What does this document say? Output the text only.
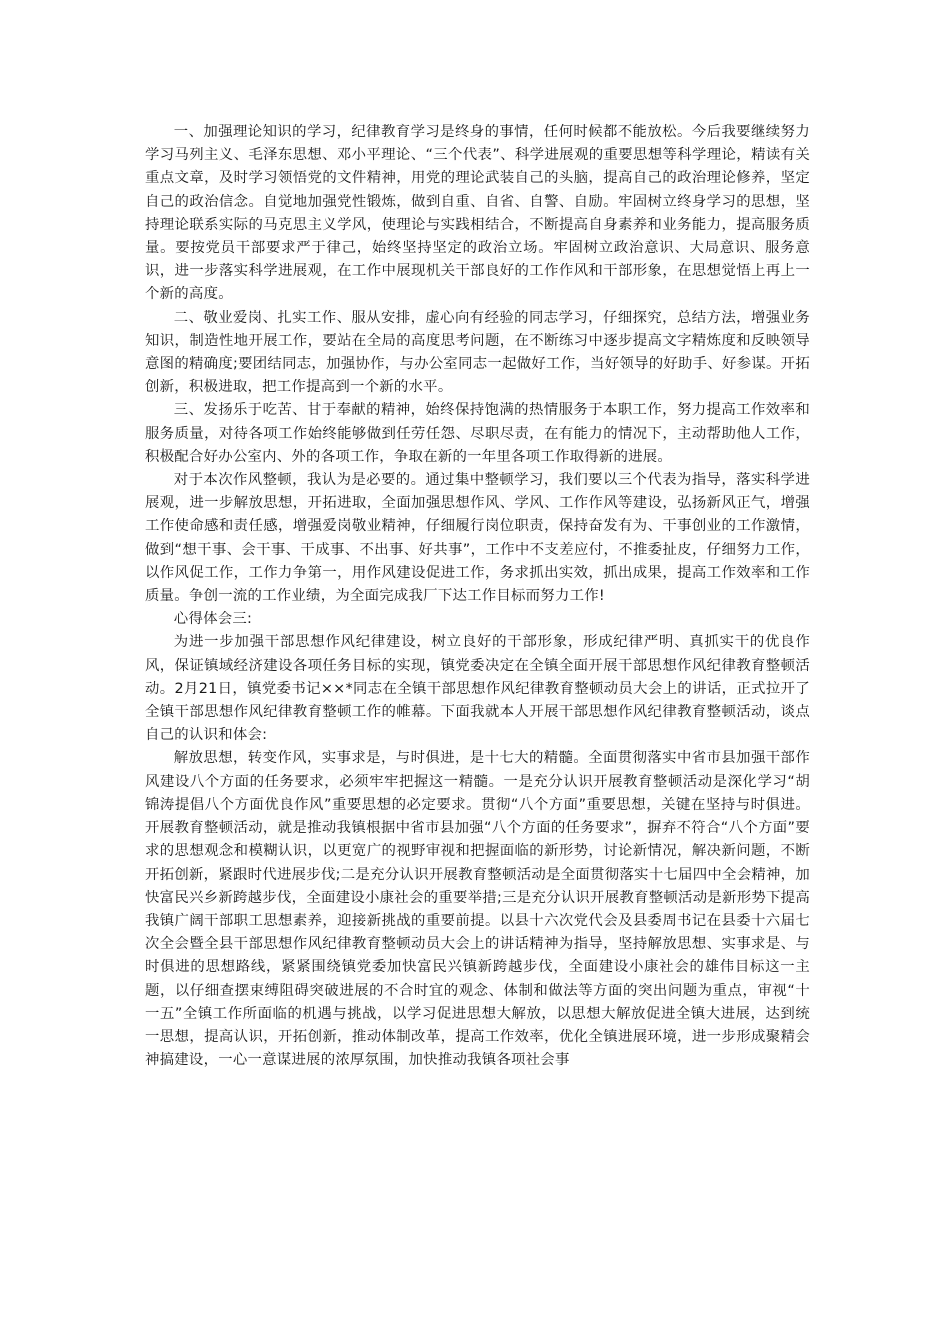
一、加强理论知识的学习，纪律教育学习是终身的事情，任何时候都不能放松。今后我要继续努力学习马列主义、毛泽东思想、邓小平理论、“三个代表”、科学进展观的重要思想等科学理论，精读有关重点文章，及时学习领悟党的文件精神，用党的理论武装自己的头脑，提高自己的政治理论修养，坚定自己的政治信念。自觉地加强党性锻炼，做到自重、自省、自警、自励。牢固树立终身学习的思想，坚持理论联系实际的马克思主义学风，使理论与实践相结合，不断提高自身素养和业务能力，提高服务质量。要按党员干部要求严于律己，始终坚持坚定的政治立场。牢固树立政治意识、大局意识、服务意识，进一步落实科学进展观，在工作中展现机关干部良好的工作作风和干部形象，在思想觉悟上再上一个新的高度。

二、敬业爱岗、扎实工作、服从安排，虚心向有经验的同志学习，仔细探究，总结方法，增强业务知识，制造性地开展工作，要站在全局的高度思考问题，在不断练习中逐步提高文字精炼度和反映领导意图的精确度;要团结同志，加强协作，与办公室同志一起做好工作，当好领导的好助手、好参谋。开拓创新，积极进取，把工作提高到一个新的水平。

三、发扬乐于吃苦、甘于奉献的精神，始终保持饱满的热情服务于本职工作，努力提高工作效率和服务质量，对待各项工作始终能够做到任劳任怨、尽职尽责，在有能力的情况下，主动帮助他人工作，积极配合好办公室内、外的各项工作，争取在新的一年里各项工作取得新的进展。

对于本次作风整顿，我认为是必要的。通过集中整顿学习，我们要以三个代表为指导，落实科学进展观，进一步解放思想，开拓进取，全面加强思想作风、学风、工作作风等建设，弘扬新风正气，增强工作使命感和责任感，增强爱岗敬业精神，仔细履行岗位职责，保持奋发有为、干事创业的工作激情，做到“想干事、会干事、干成事、不出事、好共事”，工作中不支差应付，不推委扯皮，仔细努力工作，以作风促工作，工作力争第一，用作风建设促进工作，务求抓出实效，抓出成果，提高工作效率和工作质量。争创一流的工作业绩，为全面完成我厂下达工作目标而努力工作!

心得体会三:

为进一步加强干部思想作风纪律建设，树立良好的干部形象，形成纪律严明、真抓实干的优良作风，保证镇域经济建设各项任务目标的实现，镇党委决定在全镇全面开展干部思想作风纪律教育整顿活动。2月21日，镇党委书记××*同志在全镇干部思想作风纪律教育整顿动员大会上的讲话，正式拉开了全镇干部思想作风纪律教育整顿工作的帷幕。下面我就本人开展干部思想作风纪律教育整顿活动，谈点自己的认识和体会:

解放思想，转变作风，实事求是，与时俱进，是十七大的精髓。全面贯彻落实中省市县加强干部作风建设八个方面的任务要求，必须牢牢把握这一精髓。一是充分认识开展教育整顿活动是深化学习“胡锦涛提倡八个方面优良作风”重要思想的必定要求。贯彻“八个方面”重要思想，关键在坚持与时俱进。开展教育整顿活动，就是推动我镇根据中省市县加强“八个方面的任务要求”，摒弃不符合“八个方面”要求的思想观念和模糊认识，以更宽广的视野审视和把握面临的新形势，讨论新情况，解决新问题，不断开拓创新，紧跟时代进展步伐;二是充分认识开展教育整顿活动是全面贯彻落实十七届四中全会精神，加快富民兴乡新跨越步伐，全面建设小康社会的重要举措;三是充分认识开展教育整顿活动是新形势下提高我镇广阔干部职工思想素养，迎接新挑战的重要前提。以县十六次党代会及县委周书记在县委十六届七次全会暨全县干部思想作风纪律教育整顿动员大会上的讲话精神为指导，坚持解放思想、实事求是、与时俱进的思想路线，紧紧围绕镇党委加快富民兴镇新跨越步伐，全面建设小康社会的雄伟目标这一主题，以仔细查摆束缚阻碍突破进展的不合时宜的观念、体制和做法等方面的突出问题为重点，审视“十一五”全镇工作所面临的机遇与挑战，以学习促进思想大解放，以思想大解放促进全镇大进展，达到统一思想，提高认识，开拓创新，推动体制改革，提高工作效率，优化全镇进展环境，进一步形成聚精会神搞建设，一心一意谋进展的浓厚氛围，加快推动我镇各项社会事
